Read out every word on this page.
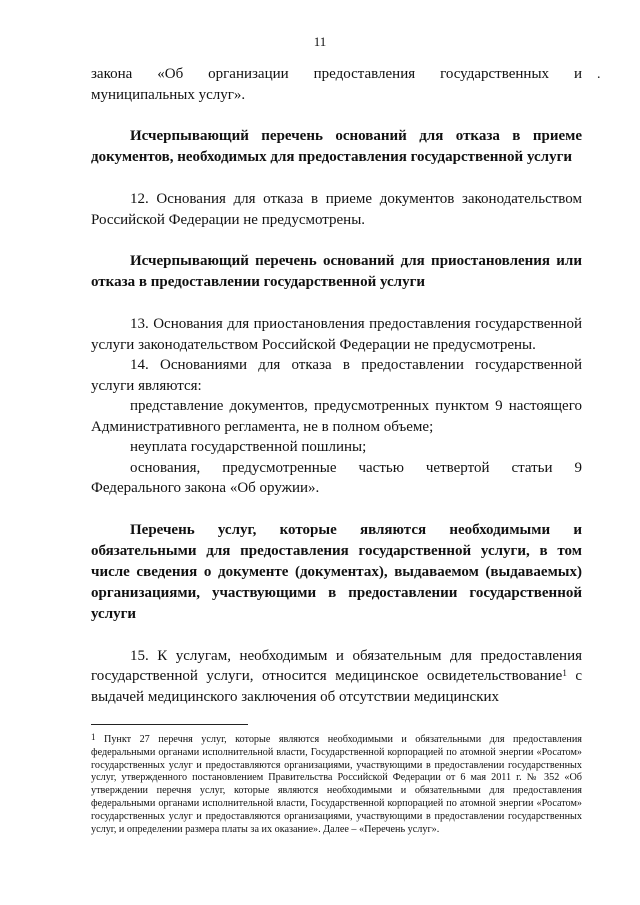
11
.

закона «Об организации предоставления государственных и муниципальных услуг».

Исчерпывающий перечень оснований для отказа в приеме документов, необходимых для предоставления государственной услуги

12. Основания для отказа в приеме документов законодательством Российской Федерации не предусмотрены.

Исчерпывающий перечень оснований для приостановления или отказа в предоставлении государственной услуги

13. Основания для приостановления предоставления государственной услуги законодательством Российской Федерации не предусмотрены.

14. Основаниями для отказа в предоставлении государственной услуги являются:

представление документов, предусмотренных пунктом 9 настоящего Административного регламента, не в полном объеме;

неуплата государственной пошлины;

основания, предусмотренные частью четвертой статьи 9 Федерального закона «Об оружии».

Перечень услуг, которые являются необходимыми и обязательными для предоставления государственной услуги, в том числе сведения о документе (документах), выдаваемом (выдаваемых) организациями, участвующими в предоставлении государственной услуги

15. К услугам, необходимым и обязательным для предоставления государственной услуги, относится медицинское освидетельствование$^1$ с выдачей медицинского заключения об отсутствии медицинских

$^1$ Пункт 27 перечня услуг, которые являются необходимыми и обязательными для предоставления федеральными органами исполнительной власти, Государственной корпорацией по атомной энергии «Росатом» государственных услуг и предоставляются организациями, участвующими в предоставлении государственных услуг, утвержденного постановлением Правительства Российской Федерации от 6 мая 2011 г. № 352 «Об утверждении перечня услуг, которые являются необходимыми и обязательными для предоставления федеральными органами исполнительной власти, Государственной корпорацией по атомной энергии «Росатом» государственных услуг и предоставляются организациями, участвующими в предоставлении государственных услуг, и определении размера платы за их оказание». Далее – «Перечень услуг».
